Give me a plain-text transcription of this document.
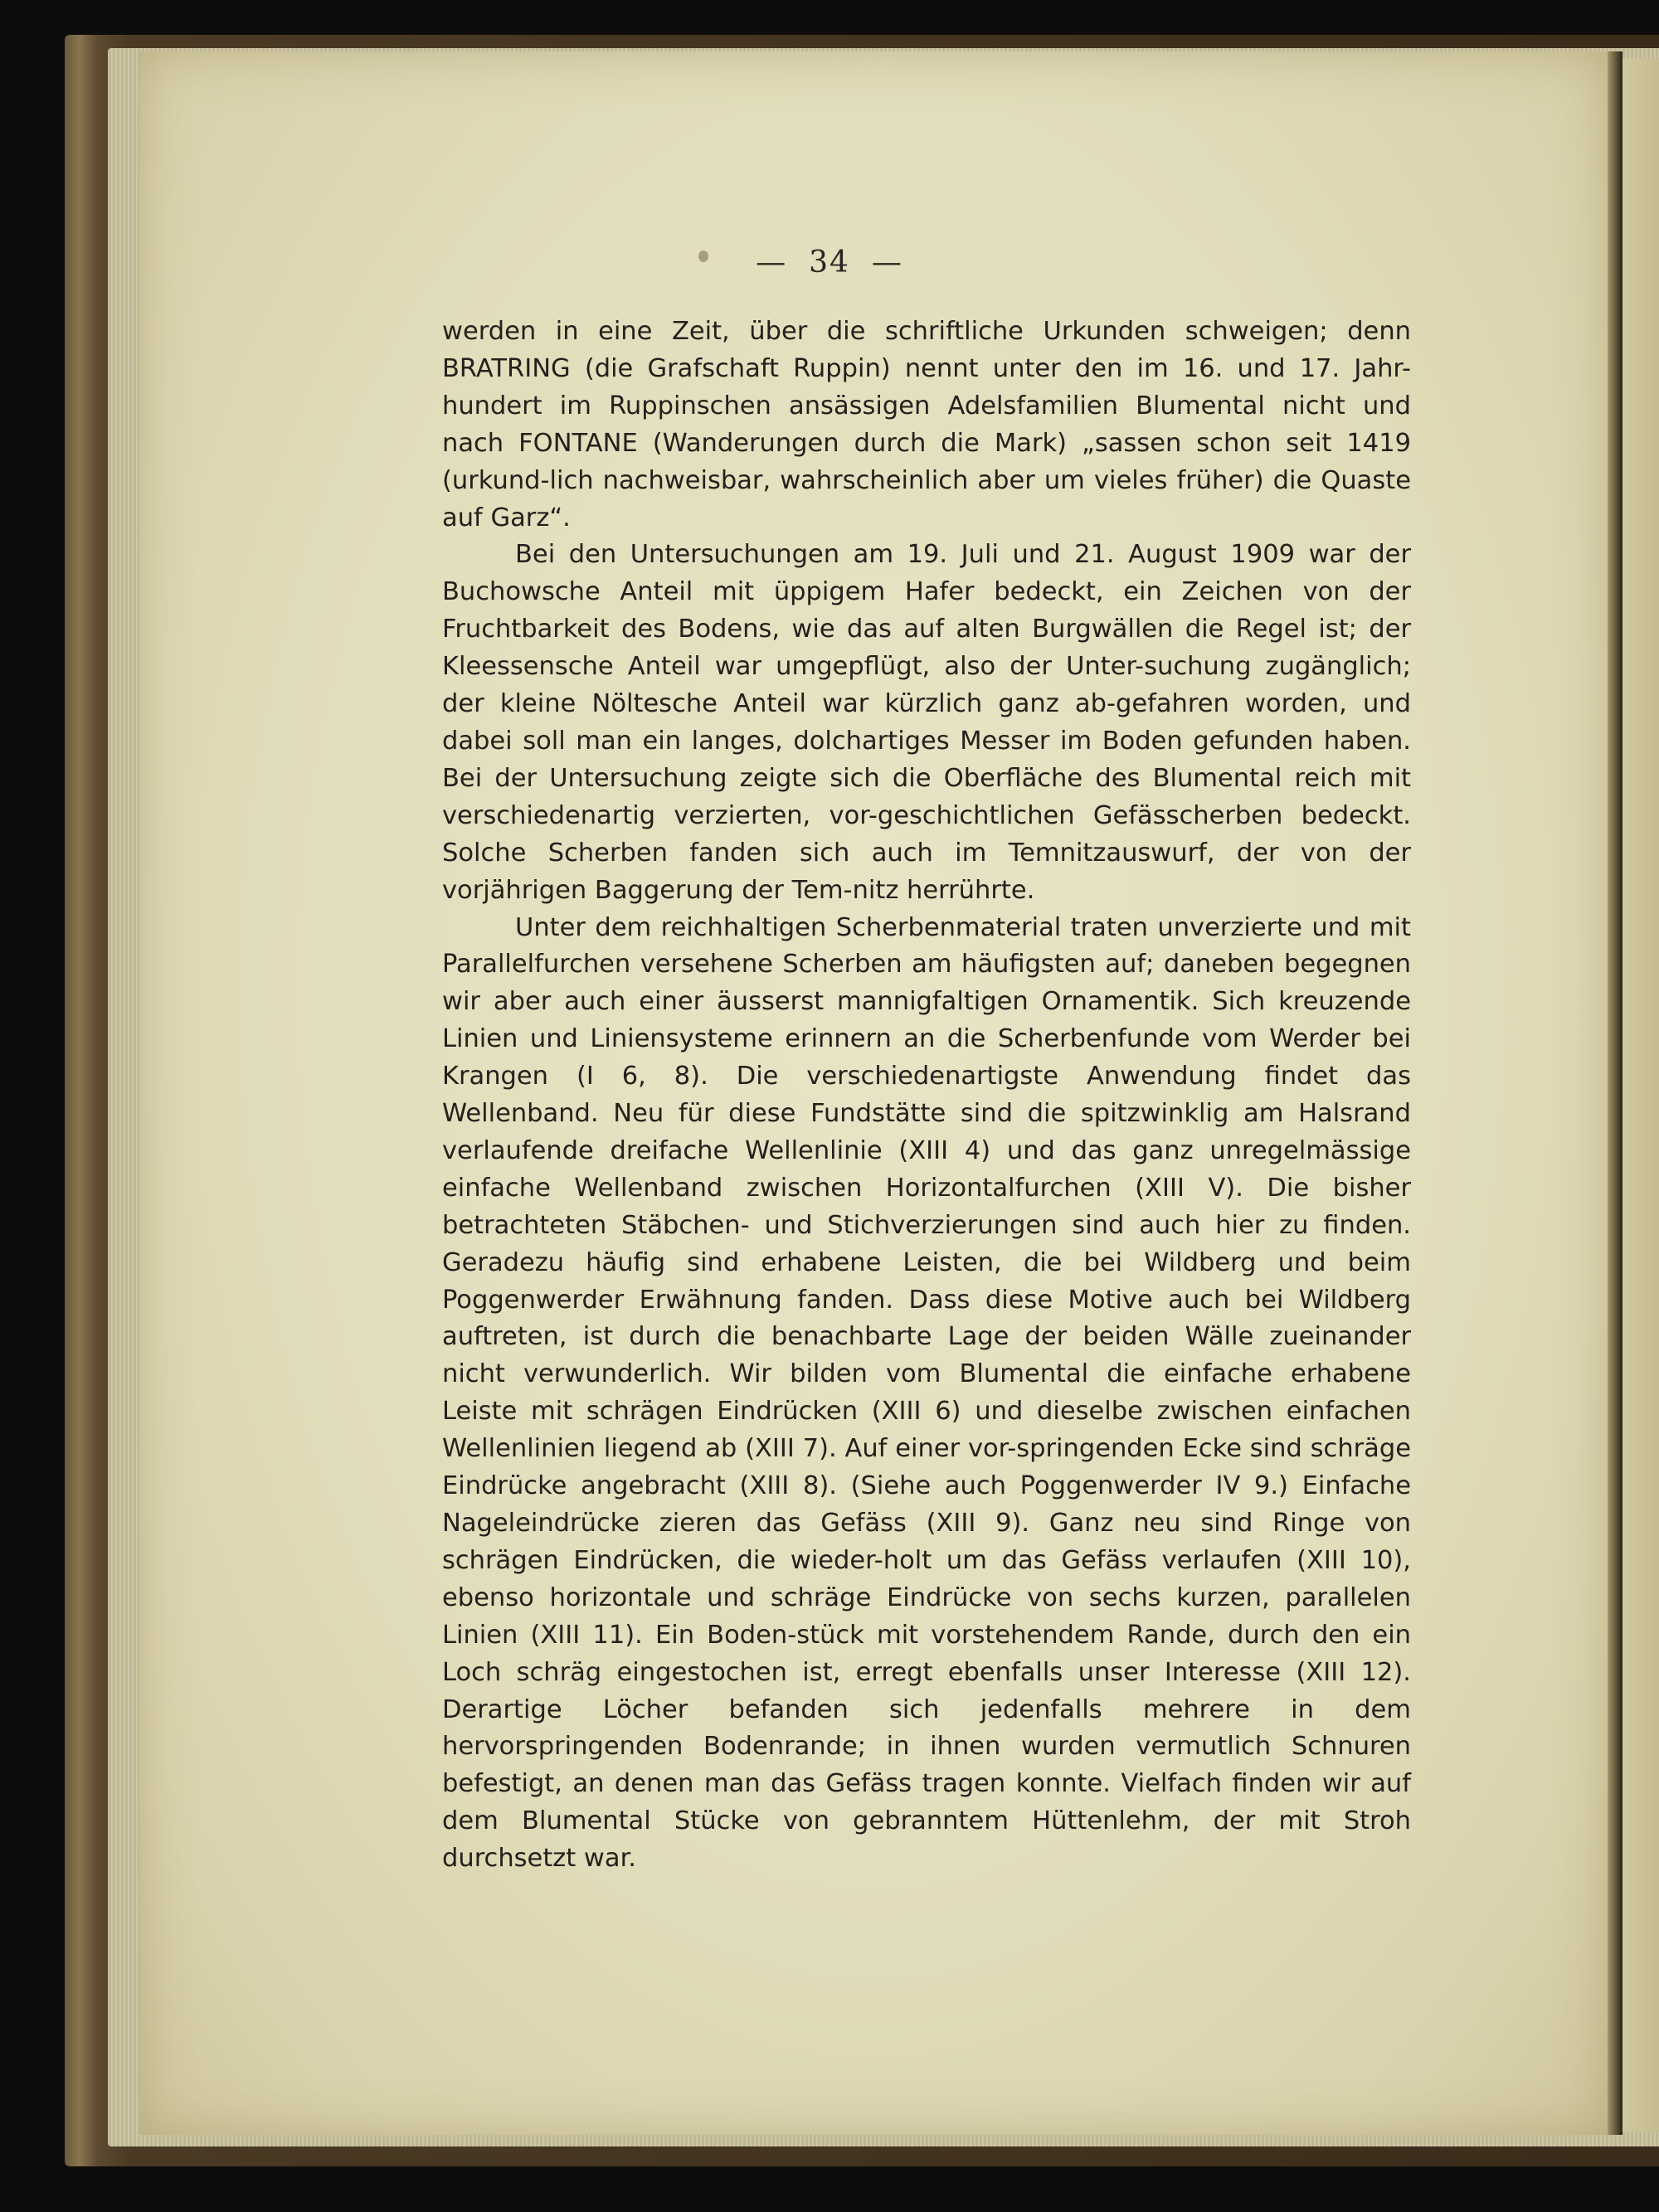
— 34 —

werden in eine Zeit, über die schriftliche Urkunden schweigen; denn BRATRING (die Grafschaft Ruppin) nennt unter den im 16. und 17. Jahr-hundert im Ruppinschen ansässigen Adelsfamilien Blumental nicht und nach FONTANE (Wanderungen durch die Mark) „sassen schon seit 1419 (urkund-lich nachweisbar, wahrscheinlich aber um vieles früher) die Quaste auf Garz“.

Bei den Untersuchungen am 19. Juli und 21. August 1909 war der Buchowsche Anteil mit üppigem Hafer bedeckt, ein Zeichen von der Fruchtbarkeit des Bodens, wie das auf alten Burgwällen die Regel ist; der Kleessensche Anteil war umgepflügt, also der Unter-suchung zugänglich; der kleine Nöltesche Anteil war kürzlich ganz ab-gefahren worden, und dabei soll man ein langes, dolchartiges Messer im Boden gefunden haben. Bei der Untersuchung zeigte sich die Oberfläche des Blumental reich mit verschiedenartig verzierten, vor-geschichtlichen Gefässcherben bedeckt. Solche Scherben fanden sich auch im Temnitzauswurf, der von der vorjährigen Baggerung der Tem-nitz herrührte.

Unter dem reichhaltigen Scherbenmaterial traten unverzierte und mit Parallelfurchen versehene Scherben am häufigsten auf; daneben begegnen wir aber auch einer äusserst mannigfaltigen Ornamentik. Sich kreuzende Linien und Liniensysteme erinnern an die Scherbenfunde vom Werder bei Krangen (I 6, 8). Die verschiedenartigste Anwendung findet das Wellenband. Neu für diese Fundstätte sind die spitzwinklig am Halsrand verlaufende dreifache Wellenlinie (XIII 4) und das ganz unregelmässige einfache Wellenband zwischen Horizontalfurchen (XIII V). Die bisher betrachteten Stäbchen- und Stichverzierungen sind auch hier zu finden. Geradezu häufig sind erhabene Leisten, die bei Wildberg und beim Poggenwerder Erwähnung fanden. Dass diese Motive auch bei Wildberg auftreten, ist durch die benachbarte Lage der beiden Wälle zueinander nicht verwunderlich. Wir bilden vom Blumental die einfache erhabene Leiste mit schrägen Eindrücken (XIII 6) und dieselbe zwischen einfachen Wellenlinien liegend ab (XIII 7). Auf einer vor-springenden Ecke sind schräge Eindrücke angebracht (XIII 8). (Siehe auch Poggenwerder IV 9.) Einfache Nageleindrücke zieren das Gefäss (XIII 9). Ganz neu sind Ringe von schrägen Eindrücken, die wieder-holt um das Gefäss verlaufen (XIII 10), ebenso horizontale und schräge Eindrücke von sechs kurzen, parallelen Linien (XIII 11). Ein Boden-stück mit vorstehendem Rande, durch den ein Loch schräg eingestochen ist, erregt ebenfalls unser Interesse (XIII 12). Derartige Löcher befanden sich jedenfalls mehrere in dem hervorspringenden Bodenrande; in ihnen wurden vermutlich Schnuren befestigt, an denen man das Gefäss tragen konnte. Vielfach finden wir auf dem Blumental Stücke von gebranntem Hüttenlehm, der mit Stroh durchsetzt war.
